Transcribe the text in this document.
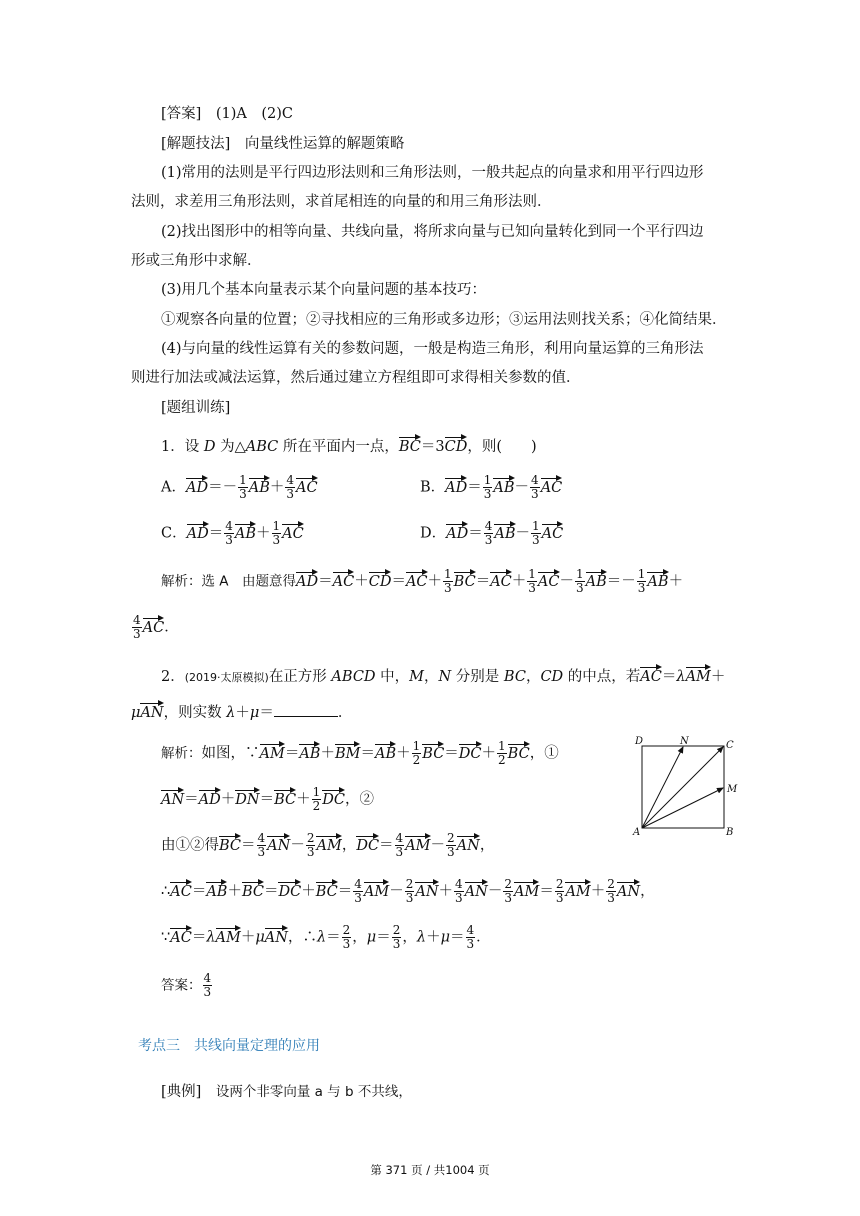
[答案]　 (1)A　(2)C
[解题技法]　 向量线性运算的解题策略
(1)常用的法则是平行四边形法则和三角形法则，一般共起点的向量求和用平行四边形
法则，求差用三角形法则，求首尾相连的向量的和用三角形法则．
(2)找出图形中的相等向量、共线向量，将所求向量与已知向量转化到同一个平行四边
形或三角形中求解．
(3)用几个基本向量表示某个向量问题的基本技巧：
①观察各向量的位置；②寻找相应的三角形或多边形；③运用法则找关系；④化简结果．
(4)与向量的线性运算有关的参数问题，一般是构造三角形，利用向量运算的三角形法
则进行加法或减法运算，然后通过建立方程组即可求得相关参数的值．
[题组训练]
1．设 D 为△ABC 所在平面内一点，BC＝3CD，则(　　)
A．$AD=- \frac{1}{3} AB+ \frac{4}{3}$ AC	B．$AD= \frac{1}{3} AB- \frac{4}{3}$ AC
C．$AD= \frac{4}{3} AB+ \frac{1}{3}$ AC	D．$AD= \frac{4}{3} AB- \frac{1}{3}$ AC
解析：选 A　由题意得$AD=AC+CD=AC+ \frac{1}{3} BC=AC+ \frac{1}{3} AC- \frac{1}{3} AB=- \frac{1}{3} AB+$
$\frac{4}{3}$ AC．
2．(2019·太原模拟)在正方形 ABCD 中，M，N 分别是 BC，CD 的中点，若AC＝λAM＋
μAN，则实数 λ＋μ＝	．
解析：如图，∵AM＝AB＋BM＝AB＋ $\frac{1}{2} BC=DC+ \frac{1}{2}$ BC，①
$AN=AD+DN=BC+ \frac{1}{2}$ DC，②
由①②得$BC= \frac{4}{3} AN- \frac{2}{3}$ AM，$DC= \frac{4}{3} AM- \frac{2}{3}$ AN，
∴AC＝AB＋BC＝DC＋BC＝ $\frac{4}{3} AM- \frac{2}{3} AN+ \frac{4}{3} AN- \frac{2}{3} AM= \frac{2}{3} AM+ \frac{2}{3}$ AN，
∵AC＝λAM＋μAN，∴λ＝ $\frac{2}{3}$ ，$\mu= \frac{2}{3}$ ，$\lambda+\mu= \frac{4}{3}$ ．
答案： $\frac{4}{3}$
D	N	C
M
A	B
考点三　共线向量定理的应用
[典例]　 设两个非零向量 a 与 b 不共线，
第 371 页 / 共1004 页
